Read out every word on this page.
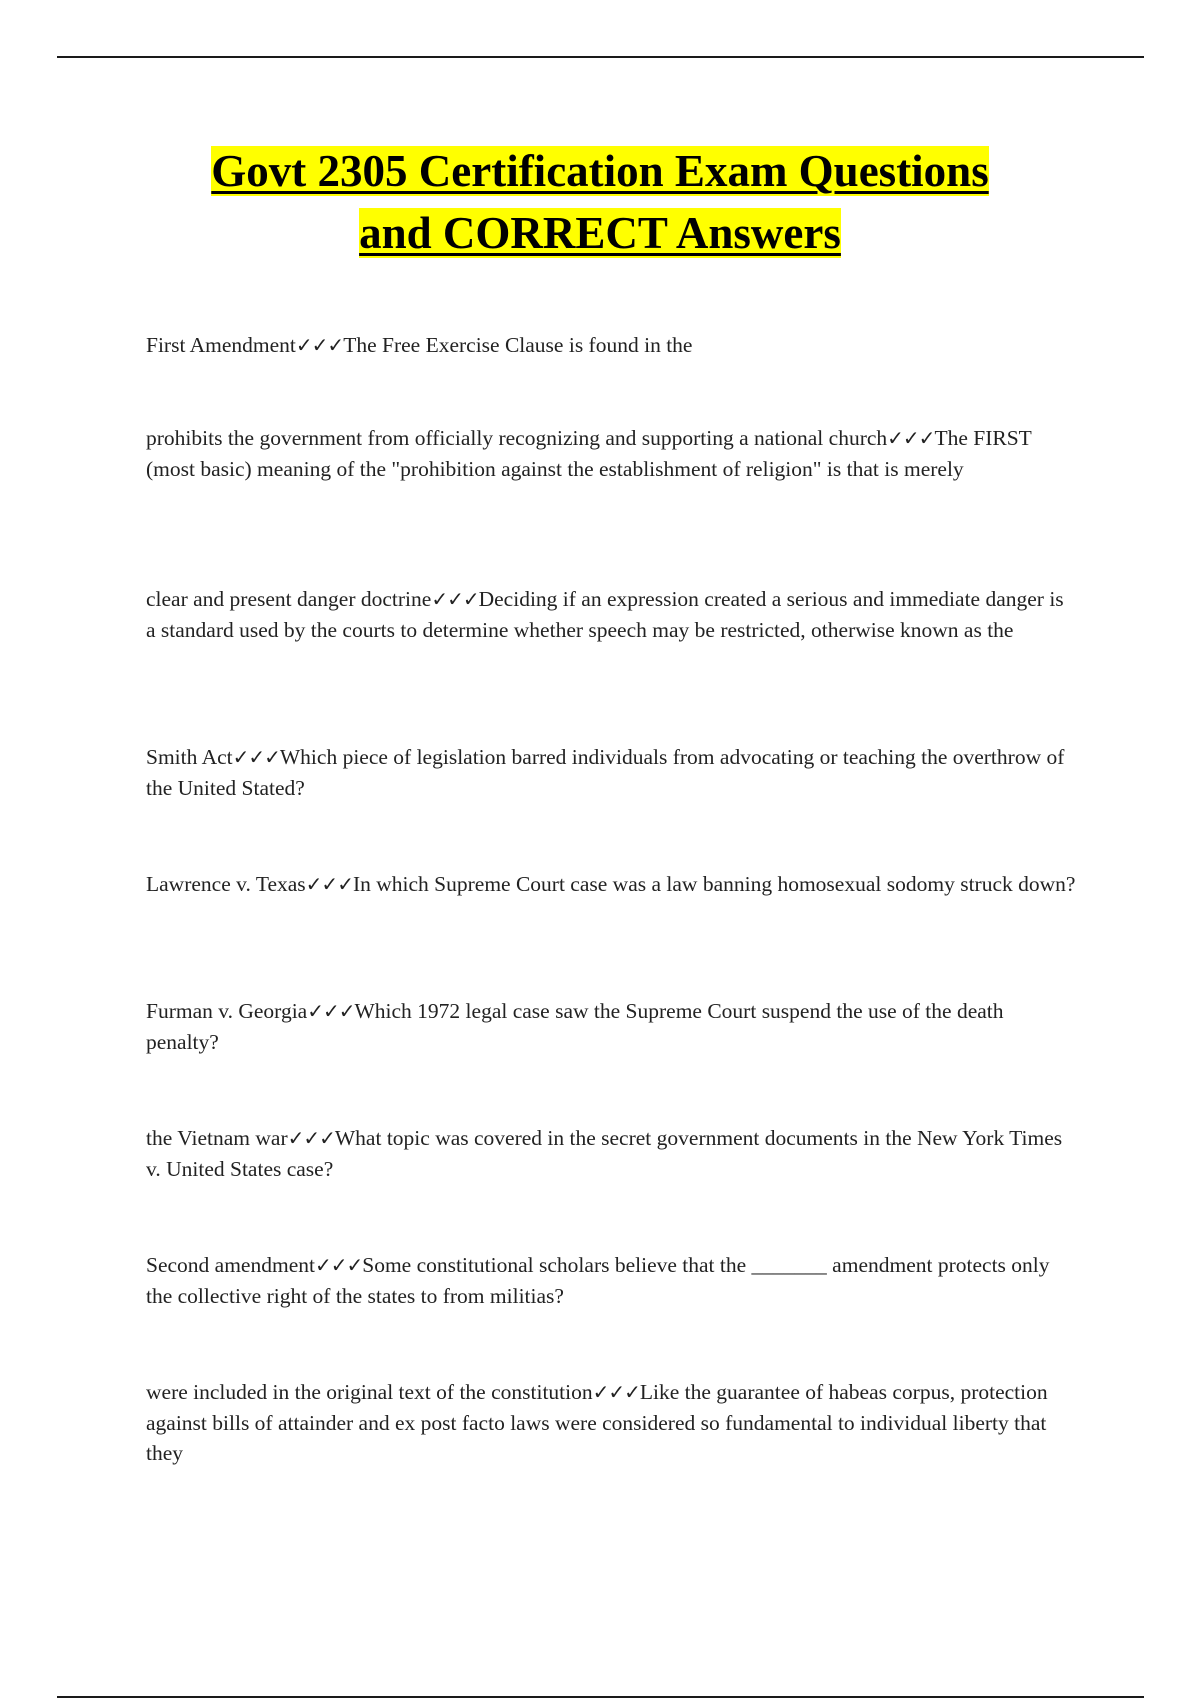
Govt 2305 Certification Exam Questions
and CORRECT Answers

First Amendment✓✓✓The Free Exercise Clause is found in the

prohibits the government from officially recognizing and supporting a national church✓✓✓The FIRST (most basic) meaning of the "prohibition against the establishment of religion" is that is merely

clear and present danger doctrine✓✓✓Deciding if an expression created a serious and immediate danger is a standard used by the courts to determine whether speech may be restricted, otherwise known as the

Smith Act✓✓✓Which piece of legislation barred individuals from advocating or teaching the overthrow of the United Stated?

Lawrence v. Texas✓✓✓In which Supreme Court case was a law banning homosexual sodomy struck down?

Furman v. Georgia✓✓✓Which 1972 legal case saw the Supreme Court suspend the use of the death penalty?

the Vietnam war✓✓✓What topic was covered in the secret government documents in the New York Times v. United States case?

Second amendment✓✓✓Some constitutional scholars believe that the _______ amendment protects only the collective right of the states to from militias?

were included in the original text of the constitution✓✓✓Like the guarantee of habeas corpus, protection against bills of attainder and ex post facto laws were considered so fundamental to individual liberty that they
